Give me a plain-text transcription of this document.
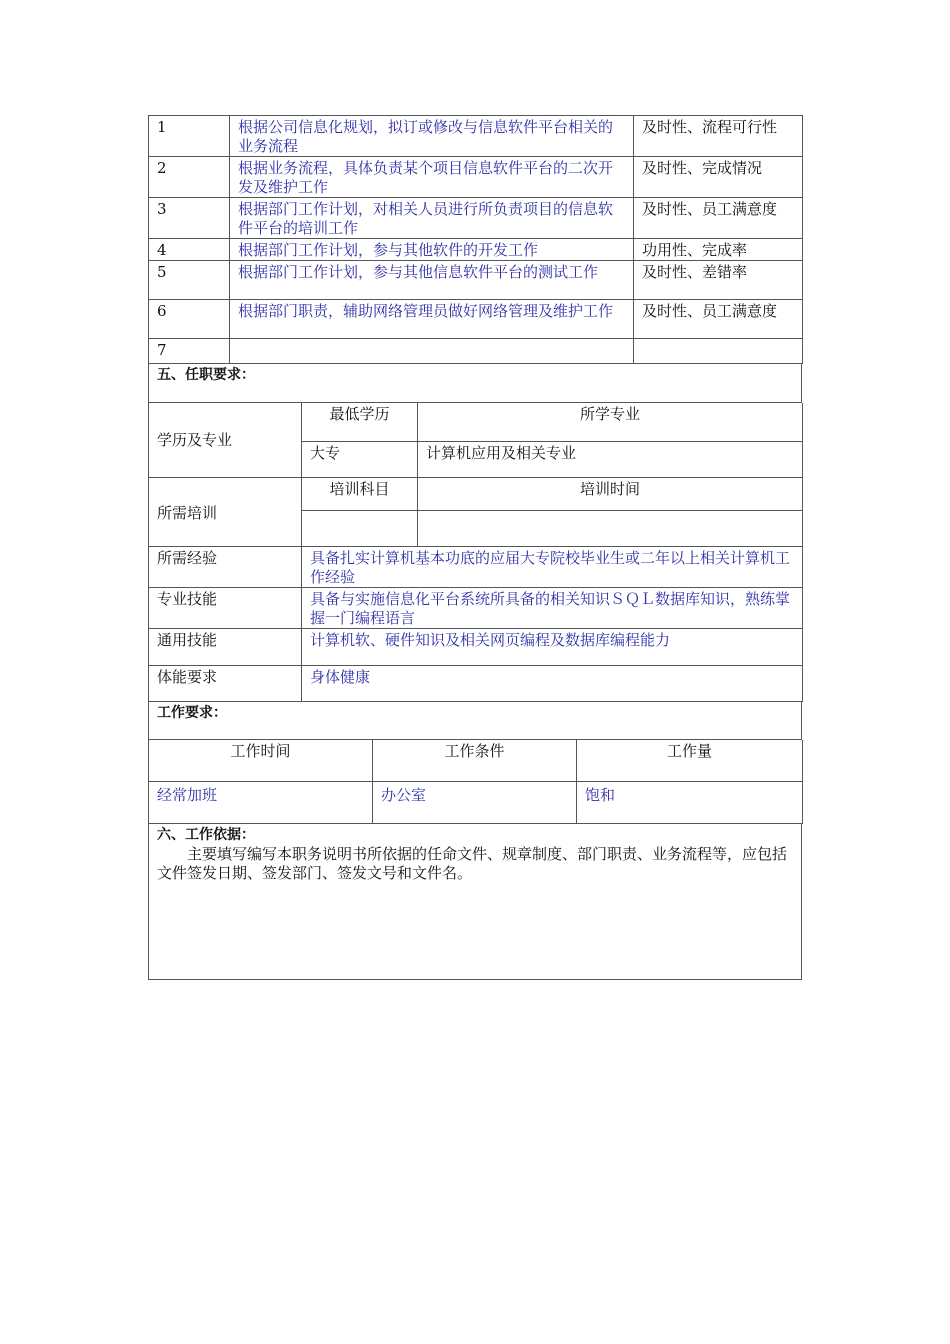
1	根据公司信息化规划，拟订或修改与信息软件平台相关的业务流程	及时性、流程可行性
2	根据业务流程，具体负责某个项目信息软件平台的二次开发及维护工作	及时性、完成情况
3	根据部门工作计划，对相关人员进行所负责项目的信息软件平台的培训工作	及时性、员工满意度
4	根据部门工作计划，参与其他软件的开发工作	功用性、完成率
5	根据部门工作计划，参与其他信息软件平台的测试工作	及时性、差错率
6	根据部门职责，辅助网络管理员做好网络管理及维护工作	及时性、员工满意度
7		
五、任职要求：
学历及专业	最低学历	所学专业
	大专	计算机应用及相关专业
所需培训	培训科目	培训时间

所需经验	具备扎实计算机基本功底的应届大专院校毕业生或二年以上相关计算机工作经验	
专业技能	具备与实施信息化平台系统所具备的相关知识ＳＱＬ数据库知识，熟练掌握一门编程语言	
通用技能	计算机软、硬件知识及相关网页编程及数据库编程能力	
体能要求	身体健康	
工作要求：
工作时间	工作条件	工作量
经常加班	办公室	饱和
六、工作依据：
主要填写编写本职务说明书所依据的任命文件、规章制度、部门职责、业务流程等，应包括文件签发日期、签发部门、签发文号和文件名。
